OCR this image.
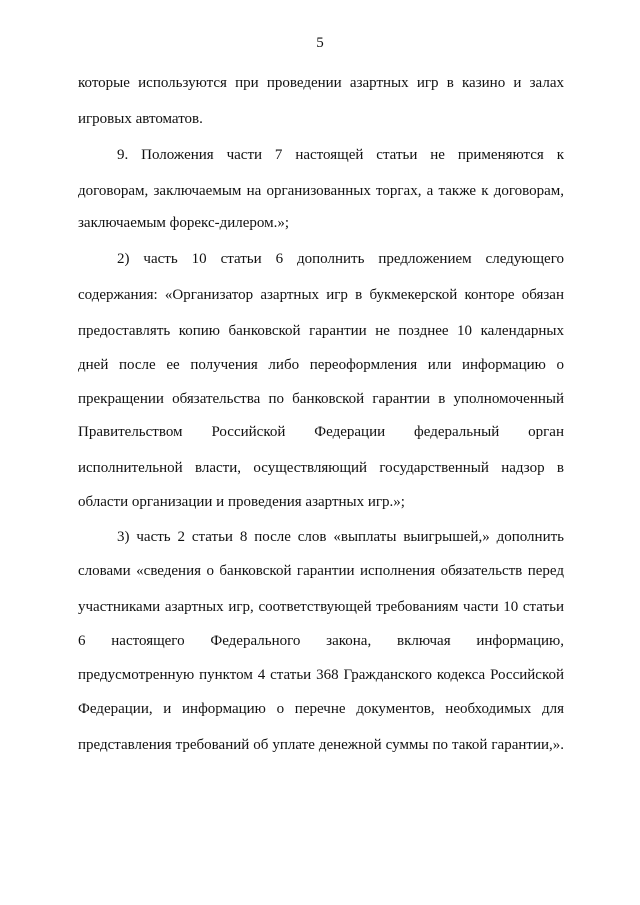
5
которые используются при проведении азартных игр в казино и залах
игровых автоматов.
9. Положения части 7 настоящей статьи не применяются к
договорам, заключаемым на организованных торгах, а также к договорам,
заключаемым форекс-дилером.»;
2) часть 10 статьи 6 дополнить предложением следующего
содержания: «Организатор азартных игр в букмекерской конторе обязан
предоставлять копию банковской гарантии не позднее 10 календарных
дней после ее получения либо переоформления или информацию о
прекращении обязательства по банковской гарантии в уполномоченный
Правительством Российской Федерации федеральный орган
исполнительной власти, осуществляющий государственный надзор в
области организации и проведения азартных игр.»;
3) часть 2 статьи 8 после слов «выплаты выигрышей,» дополнить
словами «сведения о банковской гарантии исполнения обязательств перед
участниками азартных игр, соответствующей требованиям части 10 статьи
6 настоящего Федерального закона, включая информацию,
предусмотренную пунктом 4 статьи 368 Гражданского кодекса Российской
Федерации, и информацию о перечне документов, необходимых для
представления требований об уплате денежной суммы по такой гарантии,».
